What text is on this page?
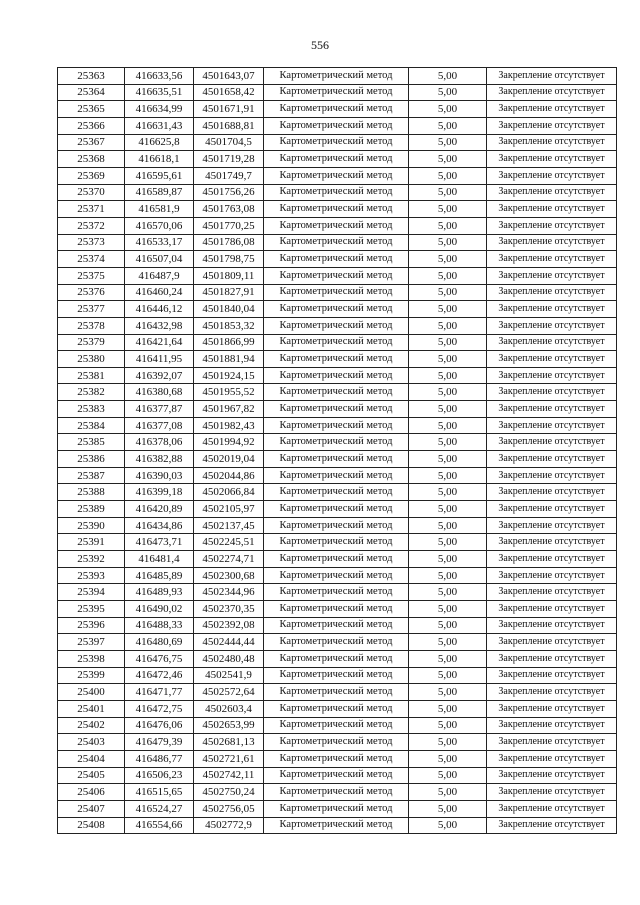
556
25363	416633,56	4501643,07	Картометрический метод	5,00	Закрепление отсутствует
25364	416635,51	4501658,42	Картометрический метод	5,00	Закрепление отсутствует
25365	416634,99	4501671,91	Картометрический метод	5,00	Закрепление отсутствует
25366	416631,43	4501688,81	Картометрический метод	5,00	Закрепление отсутствует
25367	416625,8	4501704,5	Картометрический метод	5,00	Закрепление отсутствует
25368	416618,1	4501719,28	Картометрический метод	5,00	Закрепление отсутствует
25369	416595,61	4501749,7	Картометрический метод	5,00	Закрепление отсутствует
25370	416589,87	4501756,26	Картометрический метод	5,00	Закрепление отсутствует
25371	416581,9	4501763,08	Картометрический метод	5,00	Закрепление отсутствует
25372	416570,06	4501770,25	Картометрический метод	5,00	Закрепление отсутствует
25373	416533,17	4501786,08	Картометрический метод	5,00	Закрепление отсутствует
25374	416507,04	4501798,75	Картометрический метод	5,00	Закрепление отсутствует
25375	416487,9	4501809,11	Картометрический метод	5,00	Закрепление отсутствует
25376	416460,24	4501827,91	Картометрический метод	5,00	Закрепление отсутствует
25377	416446,12	4501840,04	Картометрический метод	5,00	Закрепление отсутствует
25378	416432,98	4501853,32	Картометрический метод	5,00	Закрепление отсутствует
25379	416421,64	4501866,99	Картометрический метод	5,00	Закрепление отсутствует
25380	416411,95	4501881,94	Картометрический метод	5,00	Закрепление отсутствует
25381	416392,07	4501924,15	Картометрический метод	5,00	Закрепление отсутствует
25382	416380,68	4501955,52	Картометрический метод	5,00	Закрепление отсутствует
25383	416377,87	4501967,82	Картометрический метод	5,00	Закрепление отсутствует
25384	416377,08	4501982,43	Картометрический метод	5,00	Закрепление отсутствует
25385	416378,06	4501994,92	Картометрический метод	5,00	Закрепление отсутствует
25386	416382,88	4502019,04	Картометрический метод	5,00	Закрепление отсутствует
25387	416390,03	4502044,86	Картометрический метод	5,00	Закрепление отсутствует
25388	416399,18	4502066,84	Картометрический метод	5,00	Закрепление отсутствует
25389	416420,89	4502105,97	Картометрический метод	5,00	Закрепление отсутствует
25390	416434,86	4502137,45	Картометрический метод	5,00	Закрепление отсутствует
25391	416473,71	4502245,51	Картометрический метод	5,00	Закрепление отсутствует
25392	416481,4	4502274,71	Картометрический метод	5,00	Закрепление отсутствует
25393	416485,89	4502300,68	Картометрический метод	5,00	Закрепление отсутствует
25394	416489,93	4502344,96	Картометрический метод	5,00	Закрепление отсутствует
25395	416490,02	4502370,35	Картометрический метод	5,00	Закрепление отсутствует
25396	416488,33	4502392,08	Картометрический метод	5,00	Закрепление отсутствует
25397	416480,69	4502444,44	Картометрический метод	5,00	Закрепление отсутствует
25398	416476,75	4502480,48	Картометрический метод	5,00	Закрепление отсутствует
25399	416472,46	4502541,9	Картометрический метод	5,00	Закрепление отсутствует
25400	416471,77	4502572,64	Картометрический метод	5,00	Закрепление отсутствует
25401	416472,75	4502603,4	Картометрический метод	5,00	Закрепление отсутствует
25402	416476,06	4502653,99	Картометрический метод	5,00	Закрепление отсутствует
25403	416479,39	4502681,13	Картометрический метод	5,00	Закрепление отсутствует
25404	416486,77	4502721,61	Картометрический метод	5,00	Закрепление отсутствует
25405	416506,23	4502742,11	Картометрический метод	5,00	Закрепление отсутствует
25406	416515,65	4502750,24	Картометрический метод	5,00	Закрепление отсутствует
25407	416524,27	4502756,05	Картометрический метод	5,00	Закрепление отсутствует
25408	416554,66	4502772,9	Картометрический метод	5,00	Закрепление отсутствует
